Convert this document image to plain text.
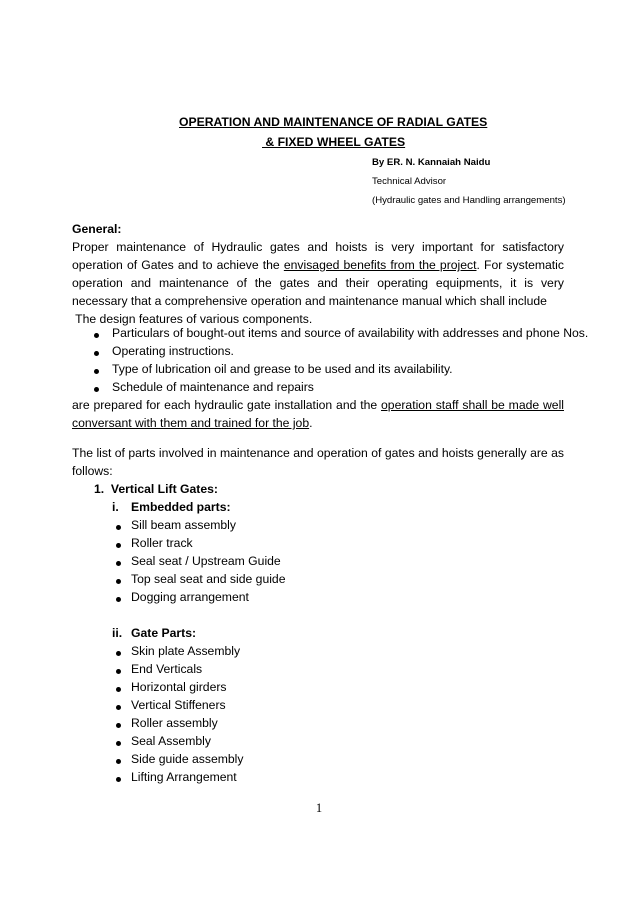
OPERATION AND MAINTENANCE OF RADIAL GATES
& FIXED WHEEL GATES
By ER. N. Kannaiah Naidu
Technical Advisor
(Hydraulic gates and Handling arrangements)
General:
Proper maintenance of Hydraulic gates and hoists is very important for satisfactory
operation of Gates and to achieve the envisaged benefits from the project. For systematic
operation and maintenance of the gates and their operating equipments, it is very
necessary that a comprehensive operation and maintenance manual which shall include
The design features of various components.
Particulars of bought-out items and source of availability with addresses and phone Nos.
Operating instructions.
Type of lubrication oil and grease to be used and its availability.
Schedule of maintenance and repairs
are prepared for each hydraulic gate installation and the operation staff shall be made well
conversant with them and trained for the job.
The list of parts involved in maintenance and operation of gates and hoists generally are as
follows:
1.  Vertical Lift Gates:
i. Embedded parts:
Sill beam assembly
Roller track
Seal seat / Upstream Guide
Top seal seat and side guide
Dogging arrangement
ii. Gate Parts:
Skin plate Assembly
End Verticals
Horizontal girders
Vertical Stiffeners
Roller assembly
Seal Assembly
Side guide assembly
Lifting Arrangement
1
